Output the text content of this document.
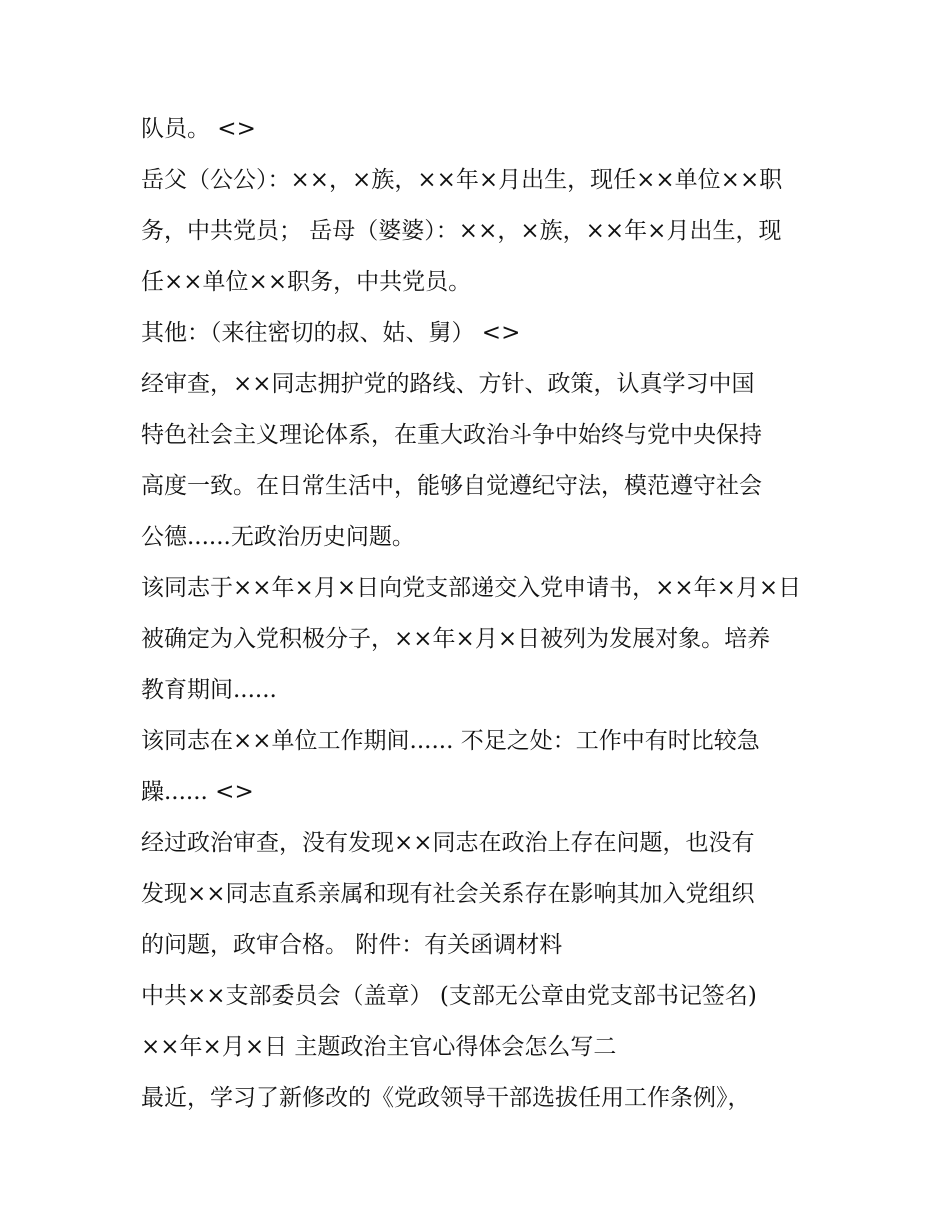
队员。 <>
岳父（公公）：××，×族，××年×月出生，现任××单位××职
务，中共党员； 岳母（婆婆）：××，×族，××年×月出生，现
任××单位××职务，中共党员。
其他：（来往密切的叔、姑、舅） <>
经审查，××同志拥护党的路线、方针、政策，认真学习中国
特色社会主义理论体系，在重大政治斗争中始终与党中央保持
高度一致。在日常生活中，能够自觉遵纪守法，模范遵守社会
公德......无政治历史问题。
该同志于××年×月×日向党支部递交入党申请书，××年×月×日
被确定为入党积极分子，××年×月×日被列为发展对象。培养
教育期间......
该同志在××单位工作期间...... 不足之处：工作中有时比较急
躁...... <>
经过政治审查，没有发现××同志在政治上存在问题，也没有
发现××同志直系亲属和现有社会关系存在影响其加入党组织
的问题，政审合格。 附件：有关函调材料
中共××支部委员会（盖章） (支部无公章由党支部书记签名)
××年×月×日 主题政治主官心得体会怎么写二
最近，学习了新修改的《党政领导干部选拔任用工作条例》，
